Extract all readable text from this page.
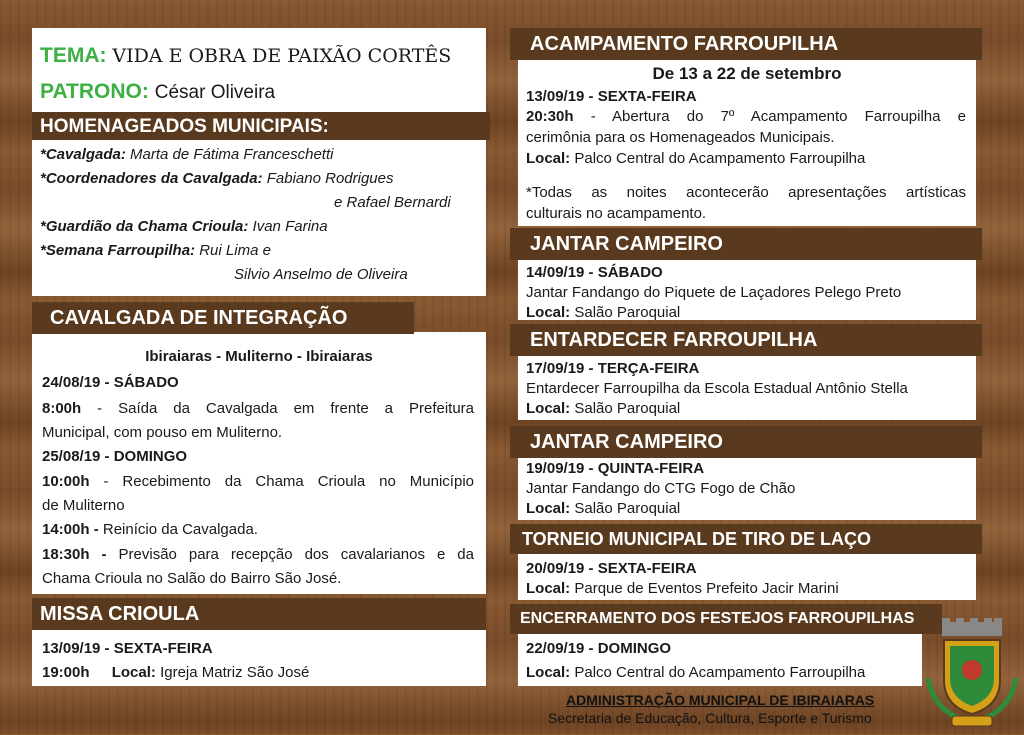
TEMA: VIDA E OBRA DE PAIXÃO CORTÊS
PATRONO: César Oliveira
*Cavalgada: Marta de Fátima Franceschetti
*Coordenadores da Cavalgada: Fabiano Rodrigues
e Rafael Bernardi
*Guardião da Chama Crioula: Ivan Farina
*Semana Farroupilha: Rui Lima e
Silvio Anselmo de Oliveira
HOMENAGEADOS MUNICIPAIS:
Ibiraiaras - Muliterno - Ibiraiaras
24/08/19 - SÁBADO
8:00h - Saída da Cavalgada em frente a Prefeitura
Municipal, com pouso em Muliterno.
25/08/19 - DOMINGO
10:00h - Recebimento da Chama Crioula no Município
de Muliterno
14:00h - Reinício da Cavalgada.
18:30h - Previsão para recepção dos cavalarianos e da
Chama Crioula no Salão do Bairro São José.
CAVALGADA DE INTEGRAÇÃO
13/09/19 - SEXTA-FEIRA
19:00h Local: Igreja Matriz São José
MISSA CRIOULA
De 13 a 22 de setembro
13/09/19 - SEXTA-FEIRA
20:30h - Abertura do 7º Acampamento Farroupilha e
cerimônia para os Homenageados Municipais.
Local: Palco Central do Acampamento Farroupilha
*Todas as noites acontecerão apresentações artísticas
culturais no acampamento.
ACAMPAMENTO FARROUPILHA
14/09/19 - SÁBADO
Jantar Fandango do Piquete de Laçadores Pelego Preto
Local: Salão Paroquial
JANTAR CAMPEIRO
17/09/19 - TERÇA-FEIRA
Entardecer Farroupilha da Escola Estadual Antônio Stella
Local: Salão Paroquial
ENTARDECER FARROUPILHA
19/09/19 - QUINTA-FEIRA
Jantar Fandango do CTG Fogo de Chão
Local: Salão Paroquial
JANTAR CAMPEIRO
20/09/19 - SEXTA-FEIRA
Local: Parque de Eventos Prefeito Jacir Marini
TORNEIO MUNICIPAL DE TIRO DE LAÇO
22/09/19 - DOMINGO
Local: Palco Central do Acampamento Farroupilha
ENCERRAMENTO DOS FESTEJOS FARROUPILHAS
ADMINISTRAÇÃO MUNICIPAL DE IBIRAIARAS
Secretaria de Educação, Cultura, Esporte e Turismo
